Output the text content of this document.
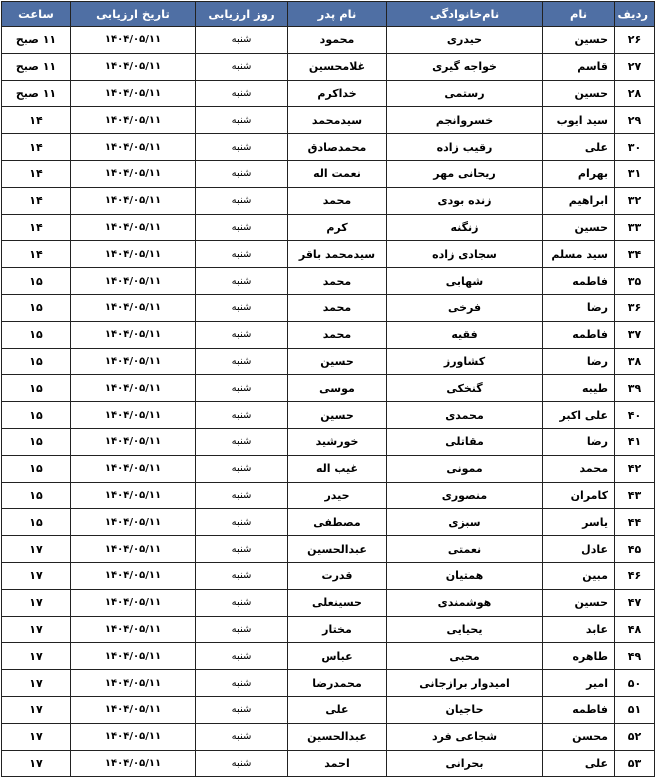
ردیف	نام	نام‌خانوادگی	نام پدر	روز ارزیابی	تاریخ ارزیابی	ساعت
۲۶	حسین	حیدری	محمود	شنبه	۱۴۰۴/۰۵/۱۱	۱۱ صبح
۲۷	قاسم	خواجه گیری	غلامحسین	شنبه	۱۴۰۴/۰۵/۱۱	۱۱ صبح
۲۸	حسین	رستمی	خداکرم	شنبه	۱۴۰۴/۰۵/۱۱	۱۱ صبح
۲۹	سید ایوب	خسروانجم	سیدمحمد	شنبه	۱۴۰۴/۰۵/۱۱	۱۴
۳۰	علی	رقیب زاده	محمدصادق	شنبه	۱۴۰۴/۰۵/۱۱	۱۴
۳۱	بهرام	ریحانی مهر	نعمت اله	شنبه	۱۴۰۴/۰۵/۱۱	۱۴
۳۲	ابراهیم	زنده بودی	محمد	شنبه	۱۴۰۴/۰۵/۱۱	۱۴
۳۳	حسین	زنگنه	کرم	شنبه	۱۴۰۴/۰۵/۱۱	۱۴
۳۴	سید مسلم	سجادی زاده	سیدمحمد باقر	شنبه	۱۴۰۴/۰۵/۱۱	۱۴
۳۵	فاطمه	شهابی	محمد	شنبه	۱۴۰۴/۰۵/۱۱	۱۵
۳۶	رضا	فرخی	محمد	شنبه	۱۴۰۴/۰۵/۱۱	۱۵
۳۷	فاطمه	فقیه	محمد	شنبه	۱۴۰۴/۰۵/۱۱	۱۵
۳۸	رضا	کشاورز	حسین	شنبه	۱۴۰۴/۰۵/۱۱	۱۵
۳۹	طیبه	گنخکی	موسی	شنبه	۱۴۰۴/۰۵/۱۱	۱۵
۴۰	علی اکبر	محمدی	حسین	شنبه	۱۴۰۴/۰۵/۱۱	۱۵
۴۱	رضا	مقاتلی	خورشید	شنبه	۱۴۰۴/۰۵/۱۱	۱۵
۴۲	محمد	ممونی	غیب اله	شنبه	۱۴۰۴/۰۵/۱۱	۱۵
۴۳	کامران	منصوری	حیدر	شنبه	۱۴۰۴/۰۵/۱۱	۱۵
۴۴	یاسر	سبزی	مصطفی	شنبه	۱۴۰۴/۰۵/۱۱	۱۵
۴۵	عادل	نعمتی	عبدالحسین	شنبه	۱۴۰۴/۰۵/۱۱	۱۷
۴۶	مبین	همتیان	قدرت	شنبه	۱۴۰۴/۰۵/۱۱	۱۷
۴۷	حسین	هوشمندی	حسینعلی	شنبه	۱۴۰۴/۰۵/۱۱	۱۷
۴۸	عابد	یحیایی	مختار	شنبه	۱۴۰۴/۰۵/۱۱	۱۷
۴۹	طاهره	محبی	عباس	شنبه	۱۴۰۴/۰۵/۱۱	۱۷
۵۰	امیر	امیدوار برازجانی	محمدرضا	شنبه	۱۴۰۴/۰۵/۱۱	۱۷
۵۱	فاطمه	حاجیان	علی	شنبه	۱۴۰۴/۰۵/۱۱	۱۷
۵۲	محسن	شجاعی فرد	عبدالحسین	شنبه	۱۴۰۴/۰۵/۱۱	۱۷
۵۳	علی	بحرانی	احمد	شنبه	۱۴۰۴/۰۵/۱۱	۱۷
